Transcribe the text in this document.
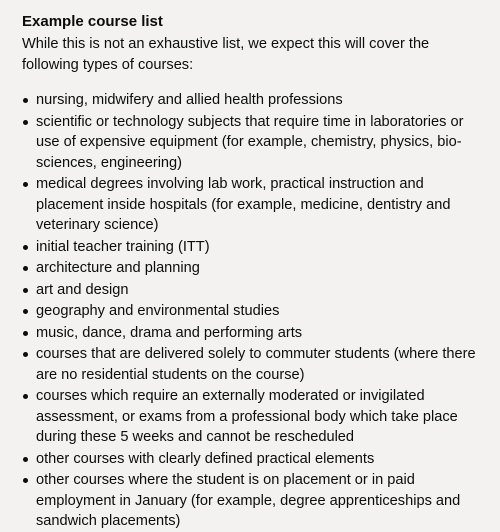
Example course list

While this is not an exhaustive list, we expect this will cover the following types of courses:

nursing, midwifery and allied health professions
scientific or technology subjects that require time in laboratories or use of expensive equipment (for example, chemistry, physics, bio-sciences, engineering)
medical degrees involving lab work, practical instruction and placement inside hospitals (for example, medicine, dentistry and veterinary science)
initial teacher training (ITT)
architecture and planning
art and design
geography and environmental studies
music, dance, drama and performing arts
courses that are delivered solely to commuter students (where there are no residential students on the course)
courses which require an externally moderated or invigilated assessment, or exams from a professional body which take place during these 5 weeks and cannot be rescheduled
other courses with clearly defined practical elements
other courses where the student is on placement or in paid employment in January (for example, degree apprenticeships and sandwich placements)
